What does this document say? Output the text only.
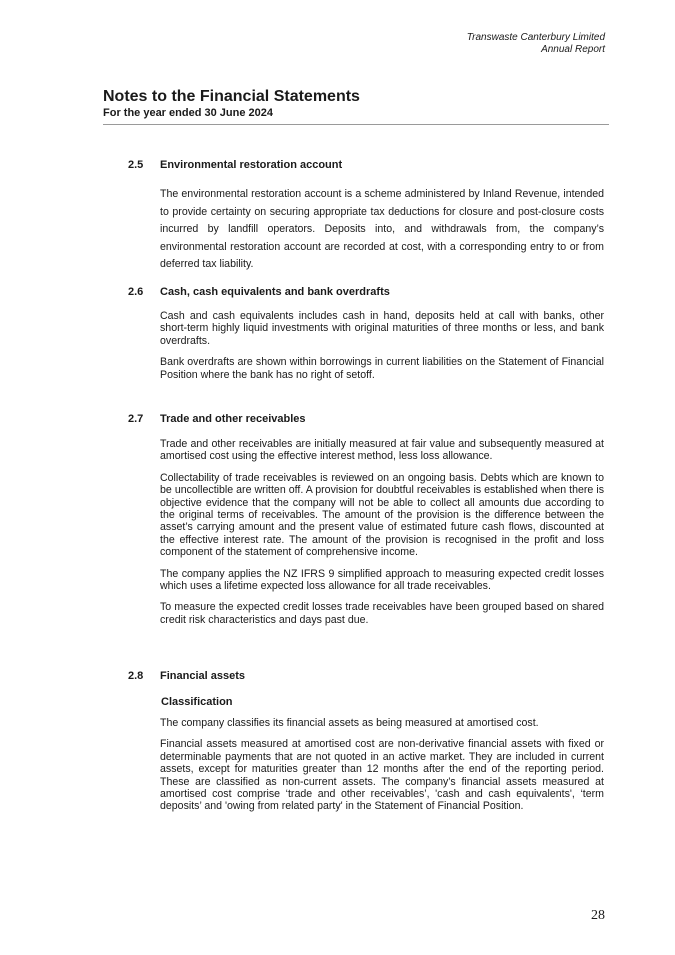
Transwaste Canterbury Limited
Annual Report
Notes to the Financial Statements
For the year ended 30 June 2024
2.5	Environmental restoration account

The environmental restoration account is a scheme administered by Inland Revenue, intended to provide certainty on securing appropriate tax deductions for closure and post-closure costs incurred by landfill operators. Deposits into, and withdrawals from, the company’s environmental restoration account are recorded at cost, with a corresponding entry to or from deferred tax liability.

2.6	Cash, cash equivalents and bank overdrafts

Cash and cash equivalents includes cash in hand, deposits held at call with banks, other short-term highly liquid investments with original maturities of three months or less, and bank overdrafts.

Bank overdrafts are shown within borrowings in current liabilities on the Statement of Financial Position where the bank has no right of setoff.

2.7	Trade and other receivables

Trade and other receivables are initially measured at fair value and subsequently measured at amortised cost using the effective interest method, less loss allowance.

Collectability of trade receivables is reviewed on an ongoing basis. Debts which are known to be uncollectible are written off. A provision for doubtful receivables is established when there is objective evidence that the company will not be able to collect all amounts due according to the original terms of receivables. The amount of the provision is the difference between the asset’s carrying amount and the present value of estimated future cash flows, discounted at the effective interest rate. The amount of the provision is recognised in the profit and loss component of the statement of comprehensive income.

The company applies the NZ IFRS 9 simplified approach to measuring expected credit losses which uses a lifetime expected loss allowance for all trade receivables.

To measure the expected credit losses trade receivables have been grouped based on shared credit risk characteristics and days past due.

2.8	Financial assets
Classification

The company classifies its financial assets as being measured at amortised cost.

Financial assets measured at amortised cost are non-derivative financial assets with fixed or determinable payments that are not quoted in an active market. They are included in current assets, except for maturities greater than 12 months after the end of the reporting period. These are classified as non-current assets. The company’s financial assets measured at amortised cost comprise ‘trade and other receivables’, 'cash and cash equivalents', ‘term deposits’ and 'owing from related party' in the Statement of Financial Position.

28
